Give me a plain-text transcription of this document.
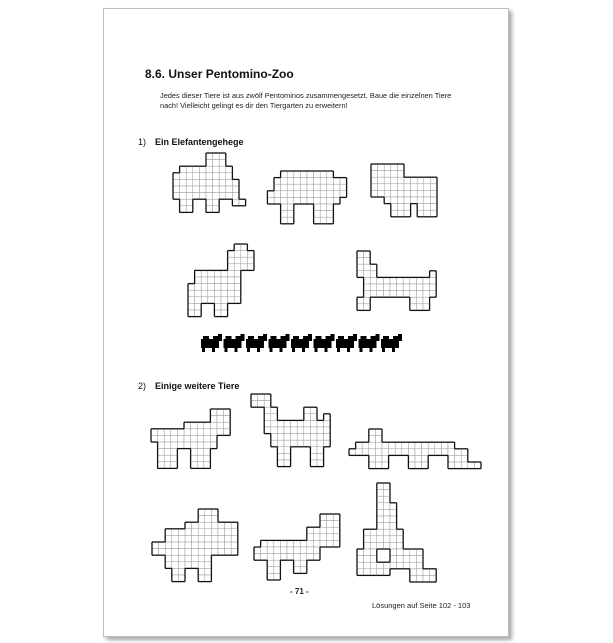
8.6. Unser Pentomino-Zoo
Jedes dieser Tiere ist aus zwölf Pentominos zusammengesetzt. Baue die einzelnen Tiere nach! Vielleicht gelingt es dir den Tiergarten zu erweitern!
1) Ein Elefantengehege
2) Einige weitere Tiere
- 71 -
Lösungen auf Seite 102 - 103
